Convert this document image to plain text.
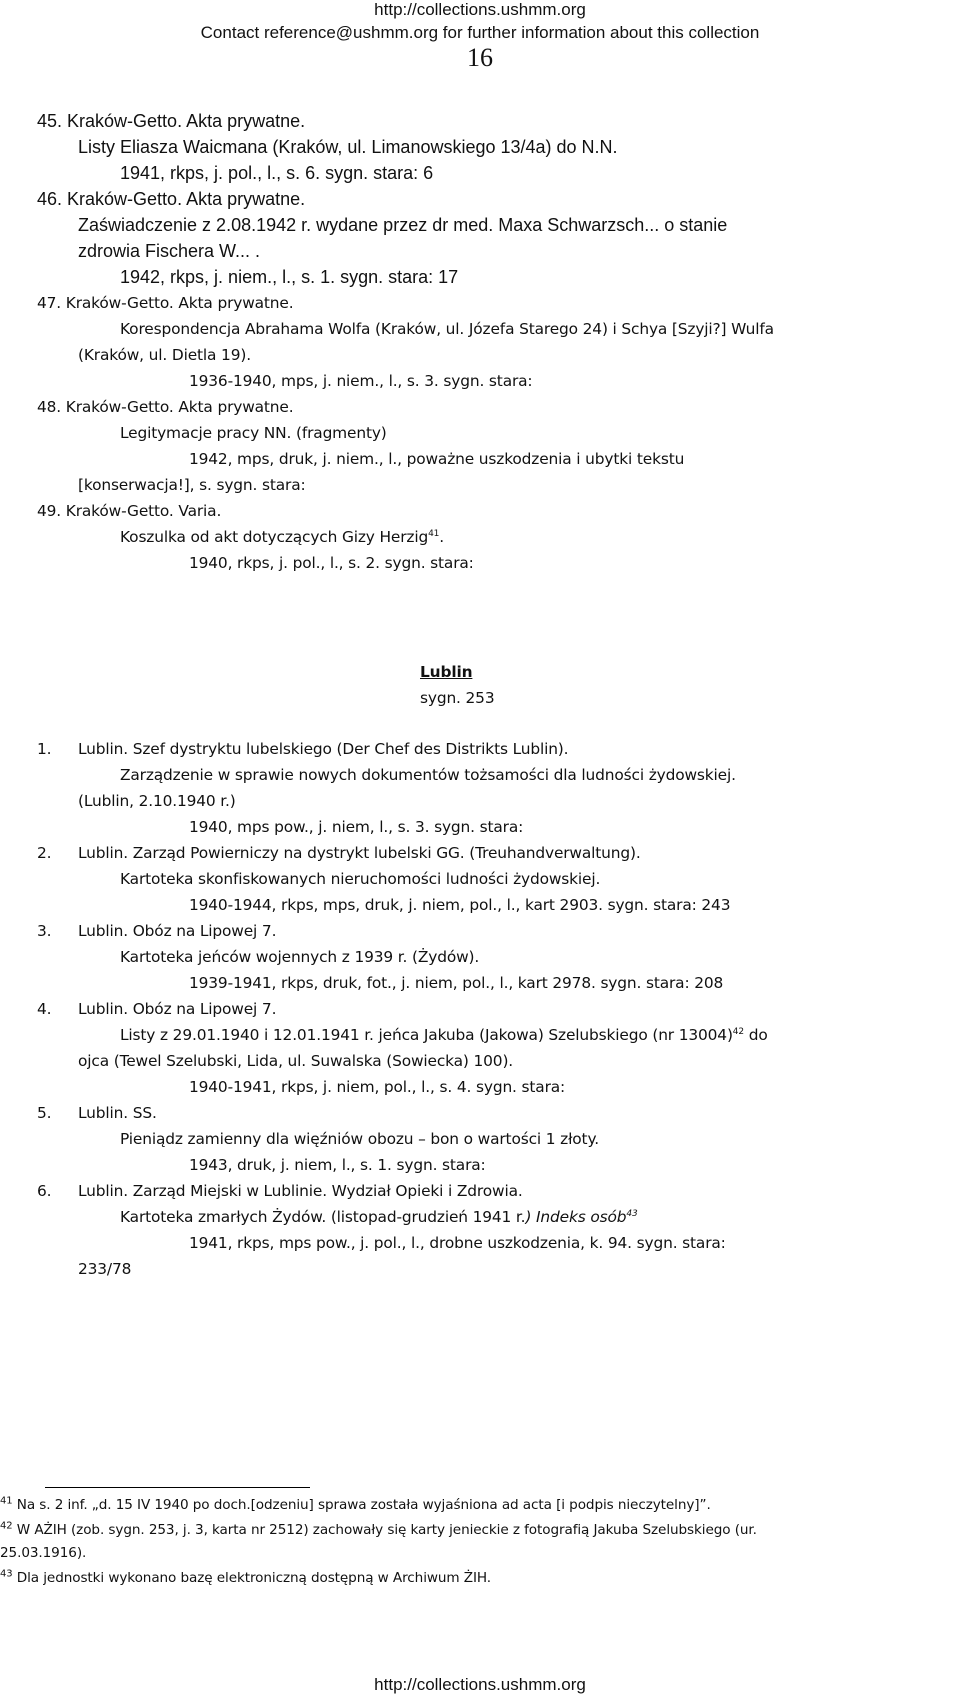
http://collections.ushmm.org
Contact reference@ushmm.org for further information about this collection
16
45. Kraków-Getto. Akta prywatne.
Listy Eliasza Waicmana (Kraków, ul. Limanowskiego 13/4a) do N.N.
1941, rkps, j. pol., l., s. 6. sygn. stara: 6
46. Kraków-Getto. Akta prywatne.
Zaświadczenie z 2.08.1942 r. wydane przez dr med. Maxa Schwarzsch... o stanie
zdrowia Fischera W... .
1942, rkps, j. niem., l., s. 1. sygn. stara: 17
47. Kraków-Getto. Akta prywatne.
Korespondencja Abrahama Wolfa (Kraków, ul. Józefa Starego 24) i Schya [Szyji?] Wulfa
(Kraków, ul. Dietla 19).
1936-1940, mps, j. niem., l., s. 3. sygn. stara:
48. Kraków-Getto. Akta prywatne.
Legitymacje pracy NN. (fragmenty)
1942, mps, druk, j. niem., l., poważne uszkodzenia i ubytki tekstu
[konserwacja!], s. sygn. stara:
49. Kraków-Getto. Varia.
Koszulka od akt dotyczących Gizy Herzig$^{41}$.
1940, rkps, j. pol., l., s. 2. sygn. stara:
Lublin
sygn. 253
1. Lublin. Szef dystryktu lubelskiego (Der Chef des Distrikts Lublin).
Zarządzenie w sprawie nowych dokumentów tożsamości dla ludności żydowskiej.
(Lublin, 2.10.1940 r.)
1940, mps pow., j. niem, l., s. 3. sygn. stara:
2. Lublin. Zarząd Powierniczy na dystrykt lubelski GG. (Treuhandverwaltung).
Kartoteka skonfiskowanych nieruchomości ludności żydowskiej.
1940-1944, rkps, mps, druk, j. niem, pol., l., kart 2903. sygn. stara: 243
3. Lublin. Obóz na Lipowej 7.
Kartoteka jeńców wojennych z 1939 r. (Żydów).
1939-1941, rkps, druk, fot., j. niem, pol., l., kart 2978. sygn. stara: 208
4. Lublin. Obóz na Lipowej 7.
Listy z 29.01.1940 i 12.01.1941 r. jeńca Jakuba (Jakowa) Szelubskiego (nr 13004)$^{42}$ do
ojca (Tewel Szelubski, Lida, ul. Suwalska (Sowiecka) 100).
1940-1941, rkps, j. niem, pol., l., s. 4. sygn. stara:
5. Lublin. SS.
Pieniądz zamienny dla więźniów obozu – bon o wartości 1 złoty.
1943, druk, j. niem, l., s. 1. sygn. stara:
6. Lublin. Zarząd Miejski w Lublinie. Wydział Opieki i Zdrowia.
Kartoteka zmarłych Żydów. (listopad-grudzień 1941 r.) Indeks osób$^{43}$
1941, rkps, mps pow., j. pol., l., drobne uszkodzenia, k. 94. sygn. stara:
233/78
$^{41}$ Na s. 2 inf. „d. 15 IV 1940 po doch.[odzeniu] sprawa została wyjaśniona ad acta [i podpis nieczytelny]”.
$^{42}$ W AŻIH (zob. sygn. 253, j. 3, karta nr 2512) zachowały się karty jenieckie z fotografią Jakuba Szelubskiego (ur.
25.03.1916).
$^{43}$ Dla jednostki wykonano bazę elektroniczną dostępną w Archiwum ŻIH.
http://collections.ushmm.org
